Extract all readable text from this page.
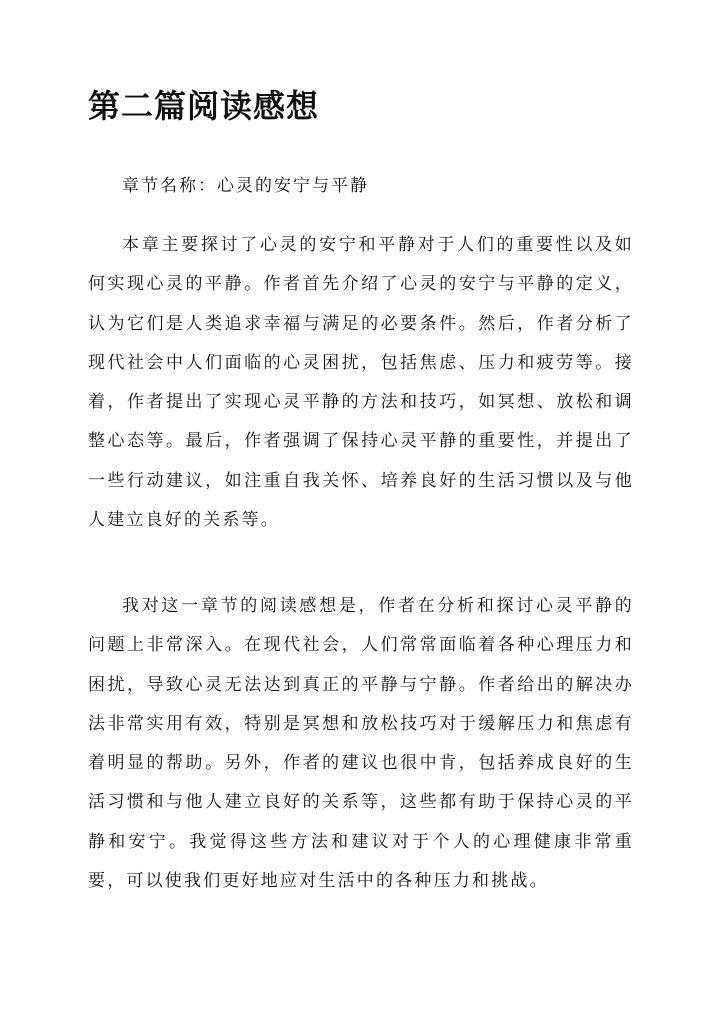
第二篇阅读感想

章节名称：心灵的安宁与平静

本章主要探讨了心灵的安宁和平静对于人们的重要性以及如何实现心灵的平静。作者首先介绍了心灵的安宁与平静的定义，认为它们是人类追求幸福与满足的必要条件。然后，作者分析了现代社会中人们面临的心灵困扰，包括焦虑、压力和疲劳等。接着，作者提出了实现心灵平静的方法和技巧，如冥想、放松和调整心态等。最后，作者强调了保持心灵平静的重要性，并提出了一些行动建议，如注重自我关怀、培养良好的生活习惯以及与他人建立良好的关系等。

我对这一章节的阅读感想是，作者在分析和探讨心灵平静的问题上非常深入。在现代社会，人们常常面临着各种心理压力和困扰，导致心灵无法达到真正的平静与宁静。作者给出的解决办法非常实用有效，特别是冥想和放松技巧对于缓解压力和焦虑有着明显的帮助。另外，作者的建议也很中肯，包括养成良好的生活习惯和与他人建立良好的关系等，这些都有助于保持心灵的平静和安宁。我觉得这些方法和建议对于个人的心理健康非常重要，可以使我们更好地应对生活中的各种压力和挑战。
